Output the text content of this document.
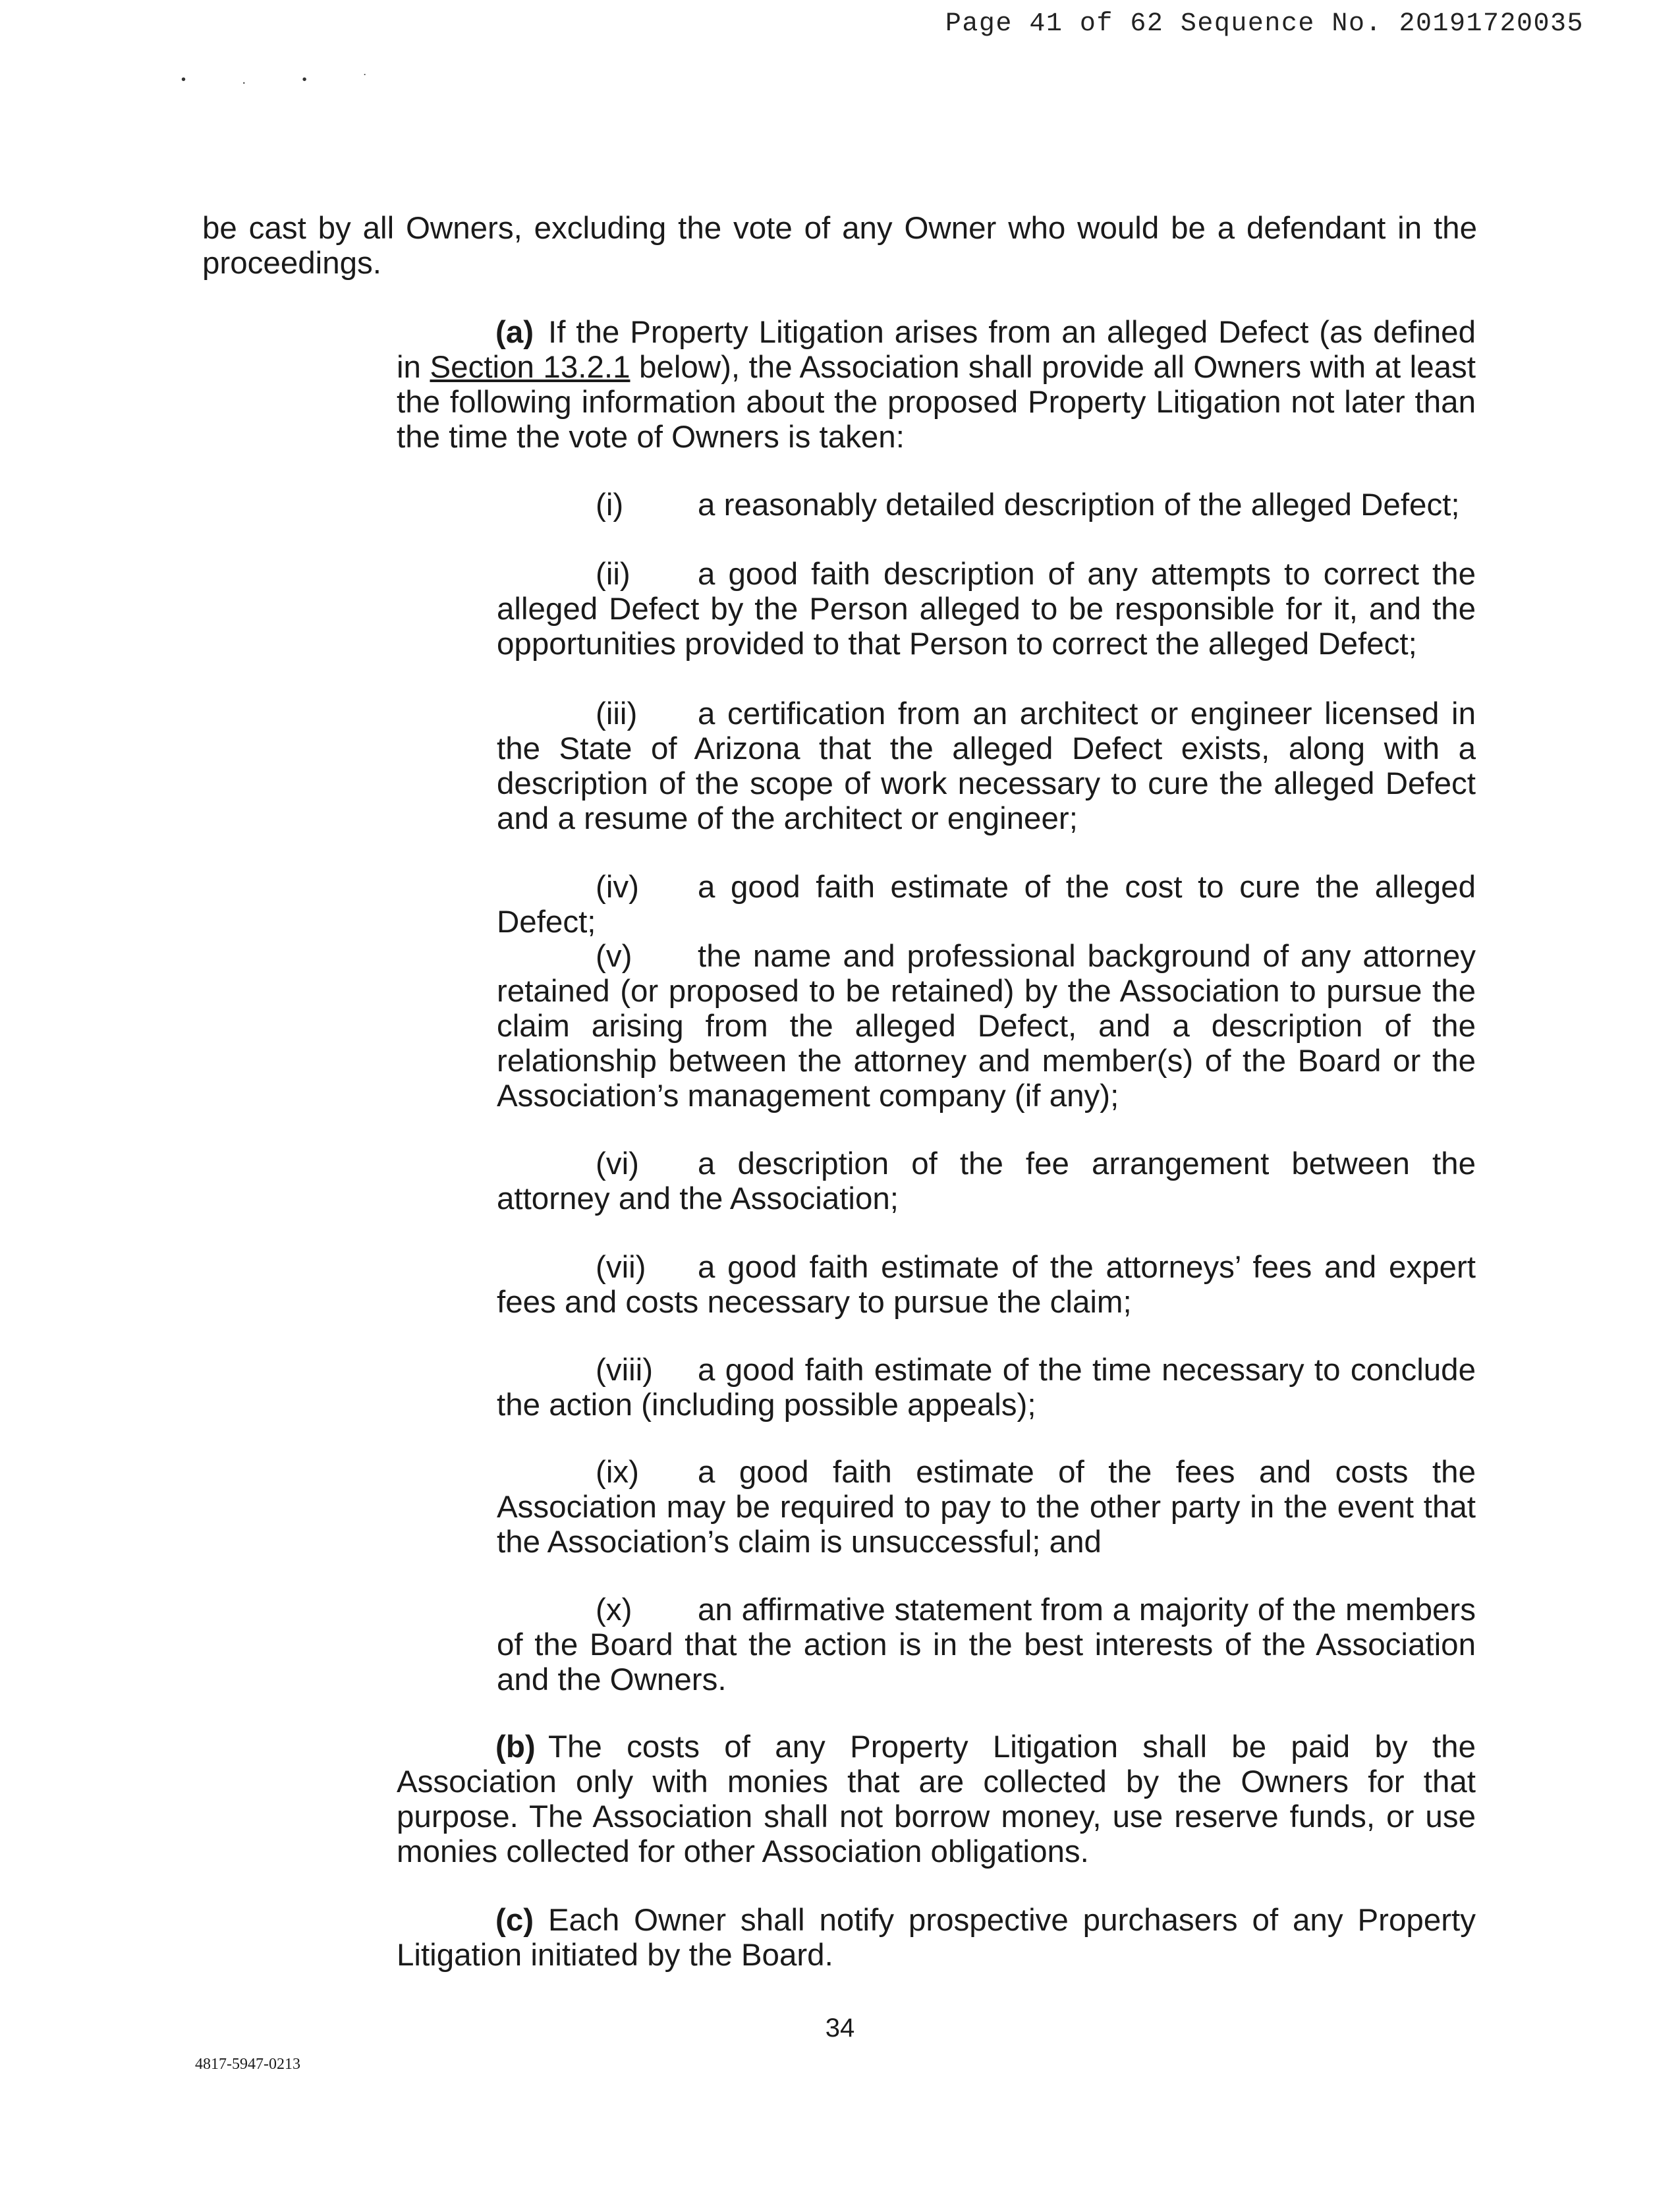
Page 41 of 62 Sequence No. 20191720035
• . • ˙

be cast by all Owners, excluding the vote of any Owner who would be a defendant in the proceedings.

(a) If the Property Litigation arises from an alleged Defect (as defined in Section 13.2.1 below), the Association shall provide all Owners with at least the following information about the proposed Property Litigation not later than the time the vote of Owners is taken:

(i) a reasonably detailed description of the alleged Defect;

(ii) a good faith description of any attempts to correct the alleged Defect by the Person alleged to be responsible for it, and the opportunities provided to that Person to correct the alleged Defect;

(iii) a certification from an architect or engineer licensed in the State of Arizona that the alleged Defect exists, along with a description of the scope of work necessary to cure the alleged Defect and a resume of the architect or engineer;

(iv) a good faith estimate of the cost to cure the alleged Defect;

(v) the name and professional background of any attorney retained (or proposed to be retained) by the Association to pursue the claim arising from the alleged Defect, and a description of the relationship between the attorney and member(s) of the Board or the Association’s management company (if any);

(vi) a description of the fee arrangement between the attorney and the Association;

(vii) a good faith estimate of the attorneys’ fees and expert fees and costs necessary to pursue the claim;

(viii) a good faith estimate of the time necessary to conclude the action (including possible appeals);

(ix) a good faith estimate of the fees and costs the Association may be required to pay to the other party in the event that the Association’s claim is unsuccessful; and

(x) an affirmative statement from a majority of the members of the Board that the action is in the best interests of the Association and the Owners.

(b) The costs of any Property Litigation shall be paid by the Association only with monies that are collected by the Owners for that purpose. The Association shall not borrow money, use reserve funds, or use monies collected for other Association obligations.

(c) Each Owner shall notify prospective purchasers of any Property Litigation initiated by the Board.

34
4817-5947-0213
